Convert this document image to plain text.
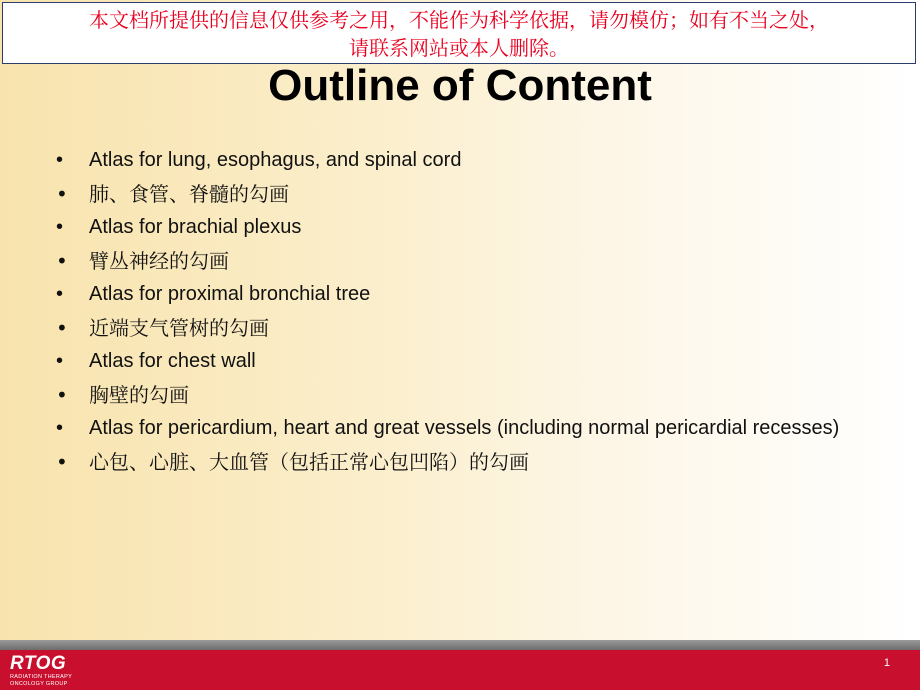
本文档所提供的信息仅供参考之用，不能作为科学依据，请勿模仿；如有不当之处，
请联系网站或本人删除。
Outline of Content
• Atlas for lung, esophagus, and spinal cord
• 肺、食管、脊髓的勾画
• Atlas for brachial plexus
• 臂丛神经的勾画
• Atlas for proximal bronchial tree
• 近端支气管树的勾画
• Atlas for chest wall
• 胸壁的勾画
• Atlas for pericardium, heart and great vessels (including normal pericardial recesses)
• 心包、心脏、大血管（包括正常心包凹陷）的勾画
RTOG
RADIATION THERAPY
ONCOLOGY GROUP
1
